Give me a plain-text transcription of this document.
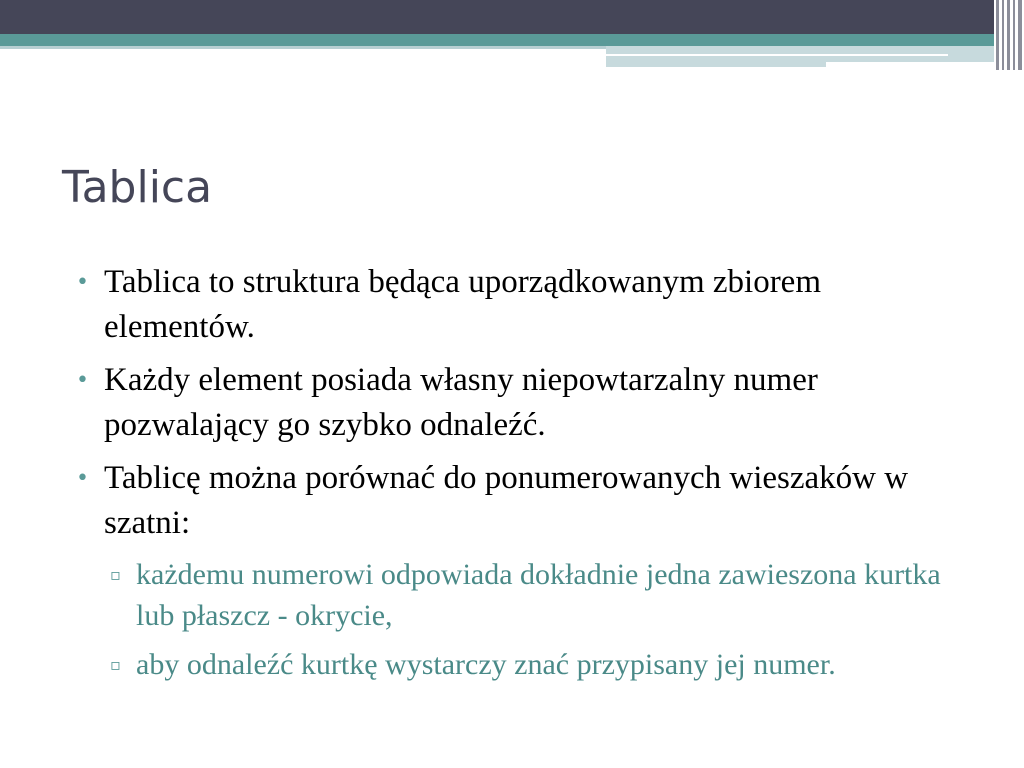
Tablica
• Tablica to struktura będąca uporządkowanym zbiorem elementów.
• Każdy element posiada własny niepowtarzalny numer pozwalający go szybko odnaleźć.
• Tablicę można porównać do ponumerowanych wieszaków w szatni:
▫ każdemu numerowi odpowiada dokładnie jedna zawieszona kurtka lub płaszcz - okrycie,
▫ aby odnaleźć kurtkę wystarczy znać przypisany jej numer.
